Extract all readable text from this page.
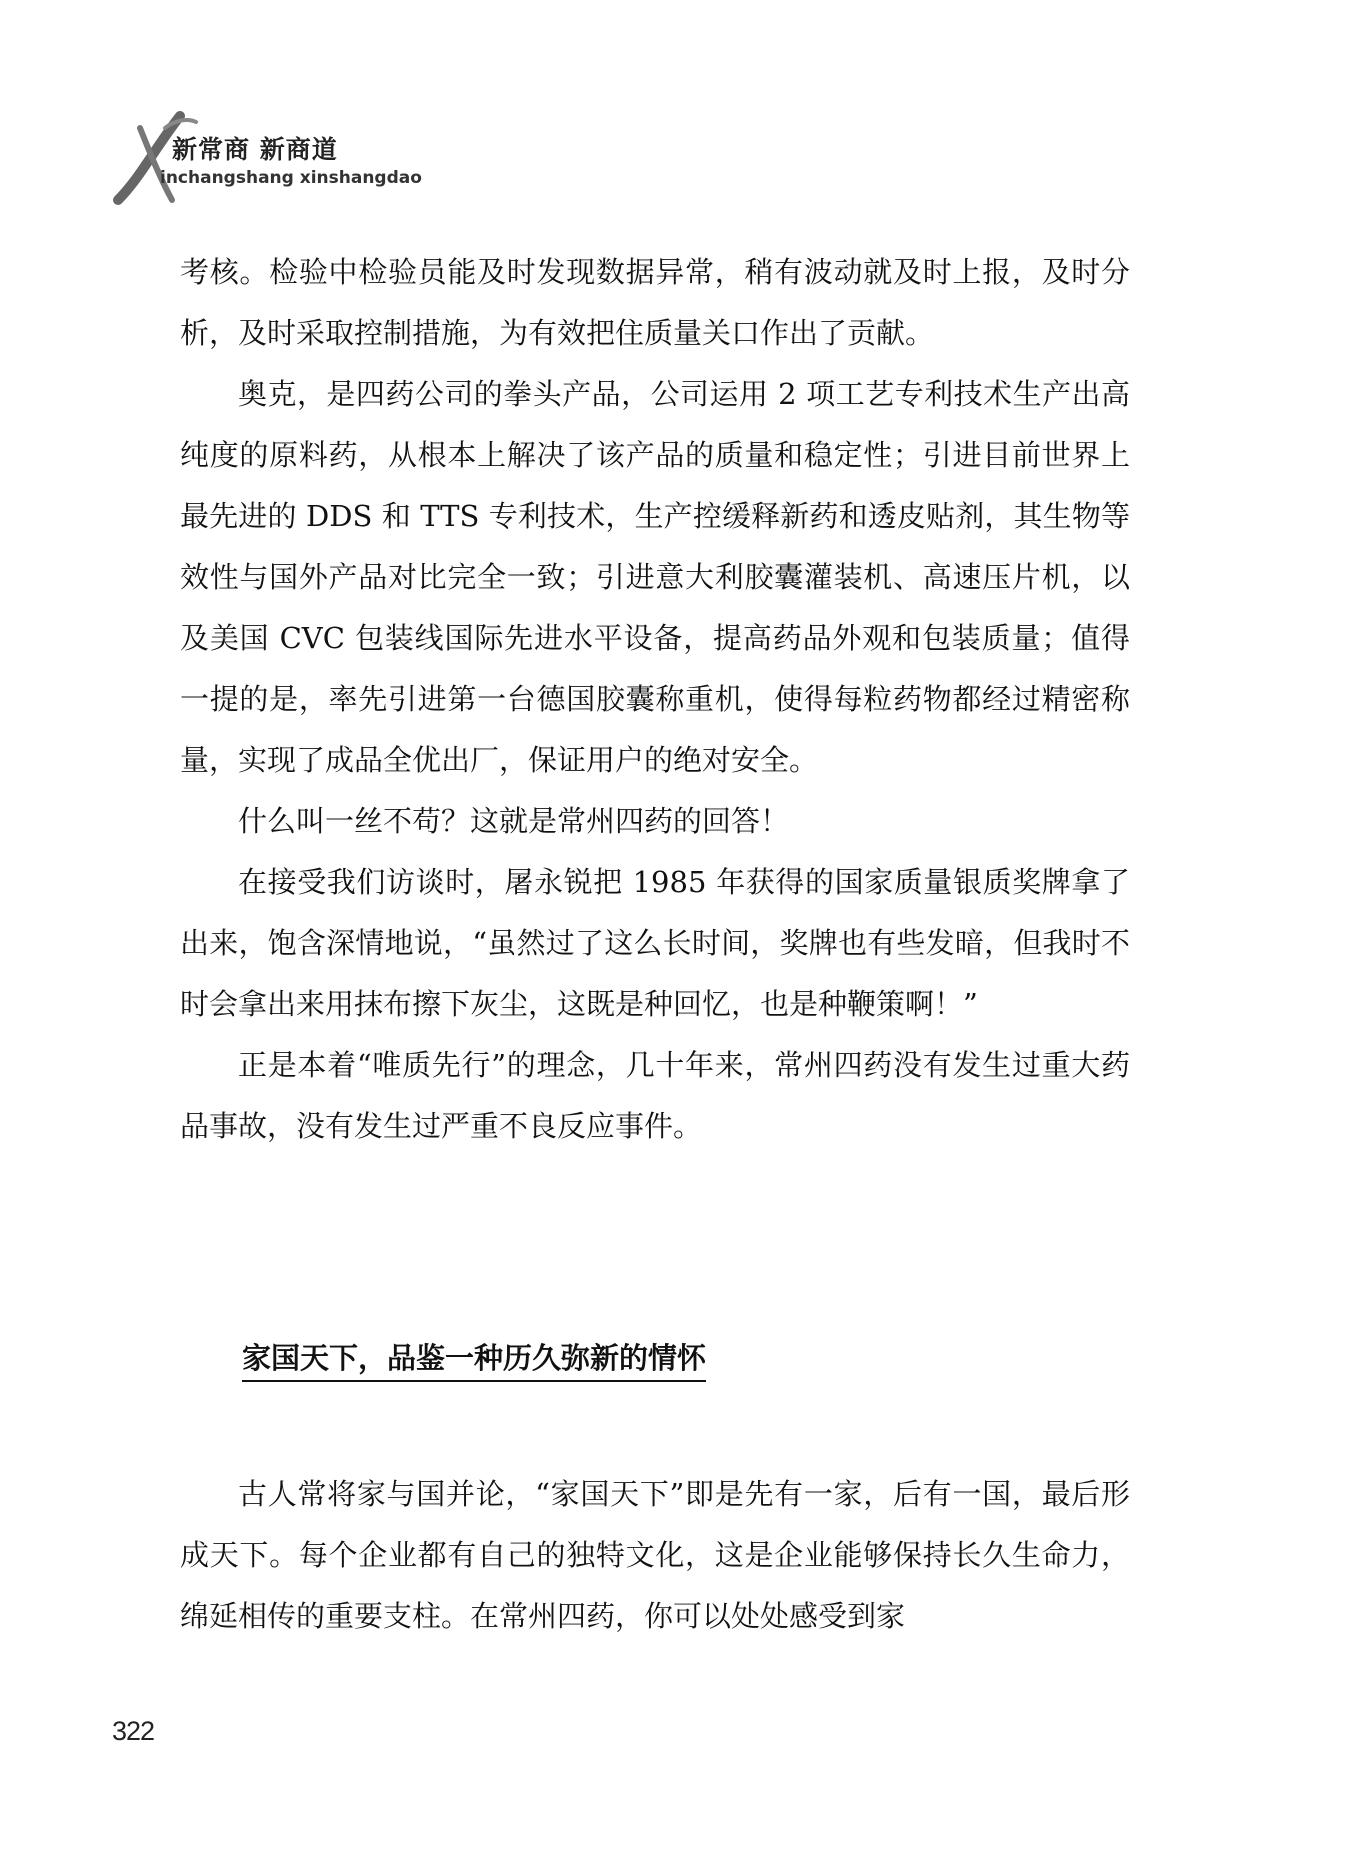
新常商 新商道
inchangshang xinshangdao

考核。检验中检验员能及时发现数据异常，稍有波动就及时上报，及时分析，及时采取控制措施，为有效把住质量关口作出了贡献。

奥克，是四药公司的拳头产品，公司运用 2 项工艺专利技术生产出高纯度的原料药，从根本上解决了该产品的质量和稳定性；引进目前世界上最先进的 DDS 和 TTS 专利技术，生产控缓释新药和透皮贴剂，其生物等效性与国外产品对比完全一致；引进意大利胶囊灌装机、高速压片机，以及美国 CVC 包装线国际先进水平设备，提高药品外观和包装质量；值得一提的是，率先引进第一台德国胶囊称重机，使得每粒药物都经过精密称量，实现了成品全优出厂，保证用户的绝对安全。

什么叫一丝不苟？这就是常州四药的回答！

在接受我们访谈时，屠永锐把 1985 年获得的国家质量银质奖牌拿了出来，饱含深情地说，“虽然过了这么长时间，奖牌也有些发暗，但我时不时会拿出来用抹布擦下灰尘，这既是种回忆，也是种鞭策啊！”

正是本着“唯质先行”的理念，几十年来，常州四药没有发生过重大药品事故，没有发生过严重不良反应事件。

家国天下，品鉴一种历久弥新的情怀

古人常将家与国并论，“家国天下”即是先有一家，后有一国，最后形成天下。每个企业都有自己的独特文化，这是企业能够保持长久生命力，绵延相传的重要支柱。在常州四药，你可以处处感受到家

322
